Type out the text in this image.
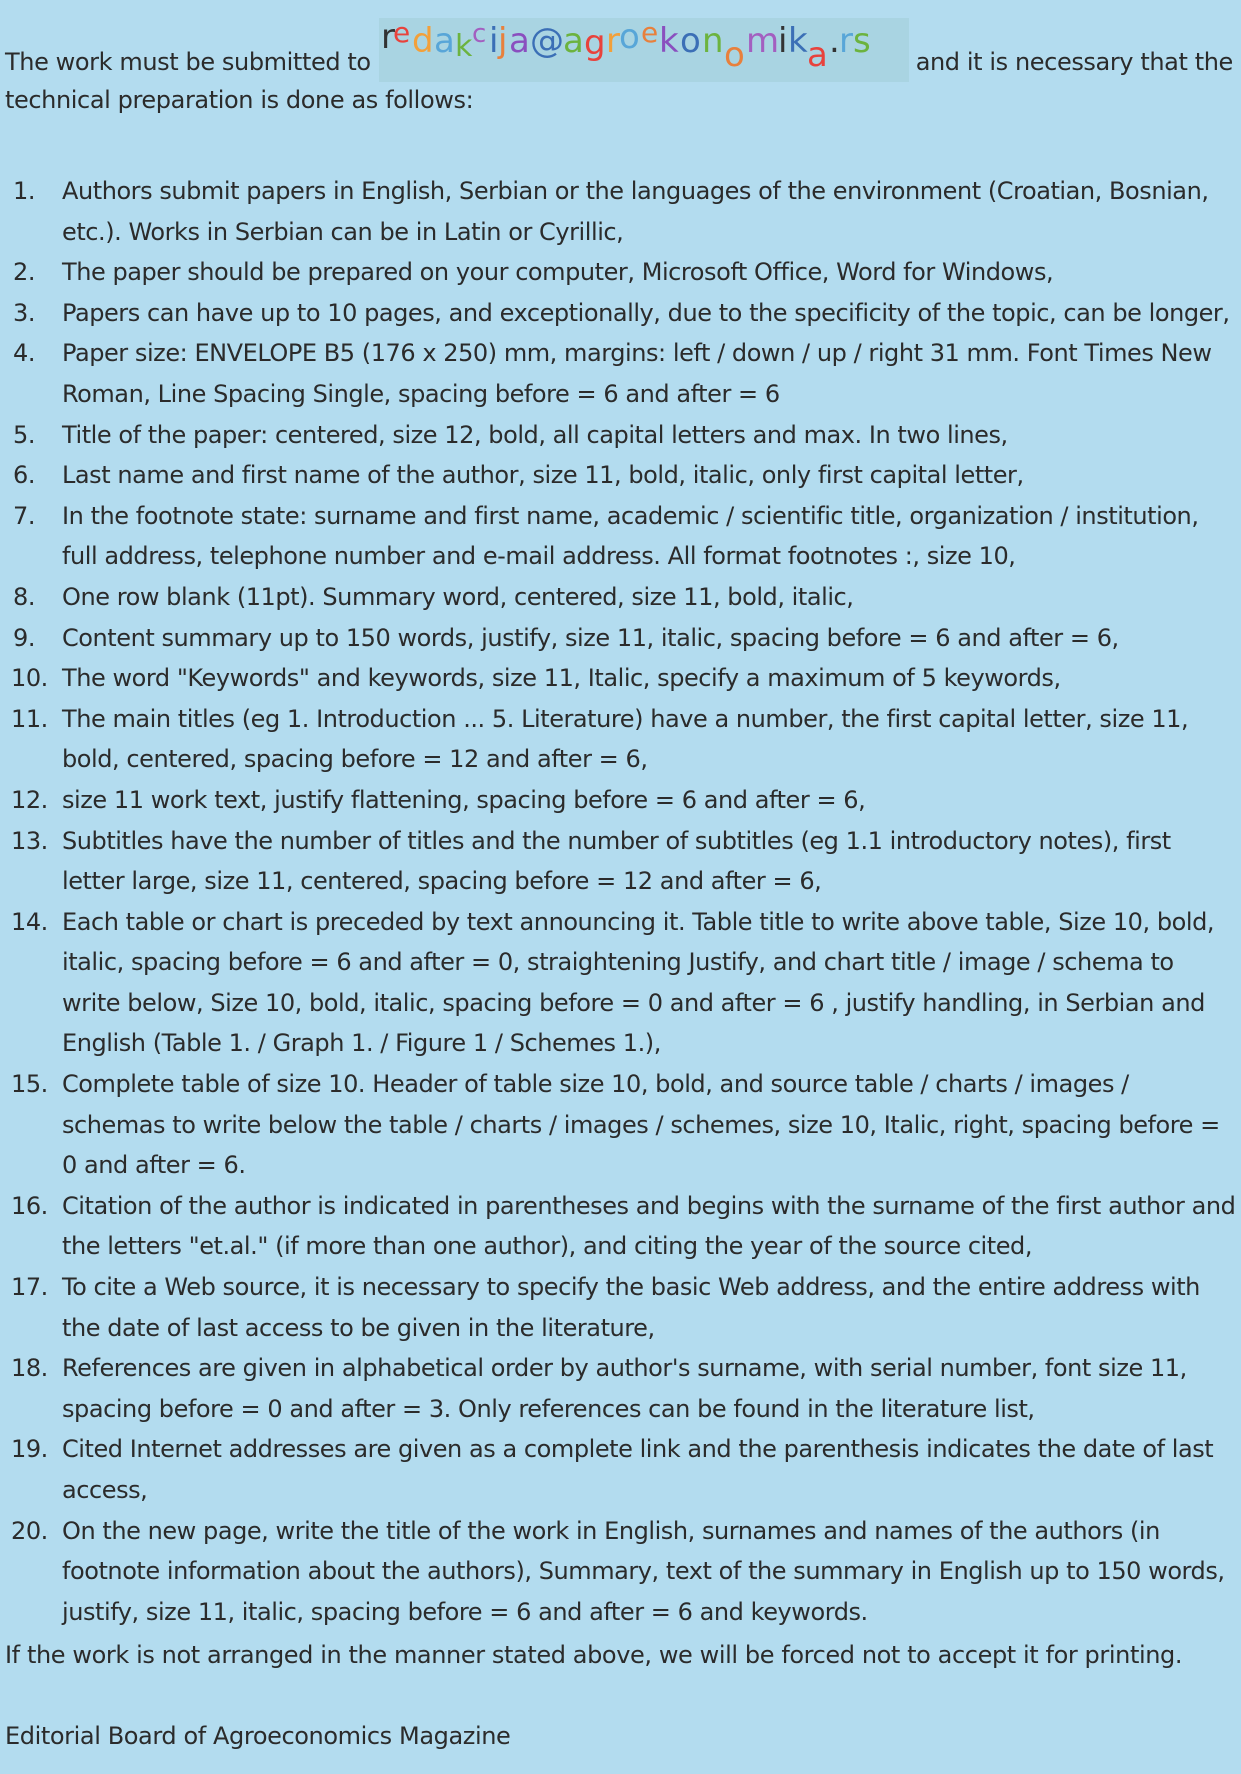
The work must be submitted to
r
e d a k c i j a @ a g r o e k o n o m i k a . r s
and it is necessary that the
technical preparation is done as follows:
1. Authors submit papers in English, Serbian or the languages of the environment (Croatian, Bosnian, etc.). Works in Serbian can be in Latin or Cyrillic,
2. The paper should be prepared on your computer, Microsoft Office, Word for Windows,
3. Papers can have up to 10 pages, and exceptionally, due to the specificity of the topic, can be longer,
4. Paper size: ENVELOPE B5 (176 x 250) mm, margins: left / down / up / right 31 mm. Font Times New Roman, Line Spacing Single, spacing before = 6 and after = 6
5. Title of the paper: centered, size 12, bold, all capital letters and max. In two lines,
6. Last name and first name of the author, size 11, bold, italic, only first capital letter,
7. In the footnote state: surname and first name, academic / scientific title, organization / institution, full address, telephone number and e-mail address. All format footnotes :, size 10,
8. One row blank (11pt). Summary word, centered, size 11, bold, italic,
9. Content summary up to 150 words, justify, size 11, italic, spacing before = 6 and after = 6,
10. The word "Keywords" and keywords, size 11, Italic, specify a maximum of 5 keywords,
11. The main titles (eg 1. Introduction ... 5. Literature) have a number, the first capital letter, size 11, bold, centered, spacing before = 12 and after = 6,
12. size 11 work text, justify flattening, spacing before = 6 and after = 6,
13. Subtitles have the number of titles and the number of subtitles (eg 1.1 introductory notes), first letter large, size 11, centered, spacing before = 12 and after = 6,
14. Each table or chart is preceded by text announcing it. Table title to write above table, Size 10, bold, italic, spacing before = 6 and after = 0, straightening Justify, and chart title / image / schema to write below, Size 10, bold, italic, spacing before = 0 and after = 6 , justify handling, in Serbian and English (Table 1. / Graph 1. / Figure 1 / Schemes 1.),
15. Complete table of size 10. Header of table size 10, bold, and source table / charts / images / schemas to write below the table / charts / images / schemes, size 10, Italic, right, spacing before = 0 and after = 6.
16. Citation of the author is indicated in parentheses and begins with the surname of the first author and the letters "et.al." (if more than one author), and citing the year of the source cited,
17. To cite a Web source, it is necessary to specify the basic Web address, and the entire address with the date of last access to be given in the literature,
18. References are given in alphabetical order by author's surname, with serial number, font size 11, spacing before = 0 and after = 3. Only references can be found in the literature list,
19. Cited Internet addresses are given as a complete link and the parenthesis indicates the date of last access,
20. On the new page, write the title of the work in English, surnames and names of the authors (in footnote information about the authors), Summary, text of the summary in English up to 150 words, justify, size 11, italic, spacing before = 6 and after = 6 and keywords.
If the work is not arranged in the manner stated above, we will be forced not to accept it for printing.
Editorial Board of Agroeconomics Magazine
